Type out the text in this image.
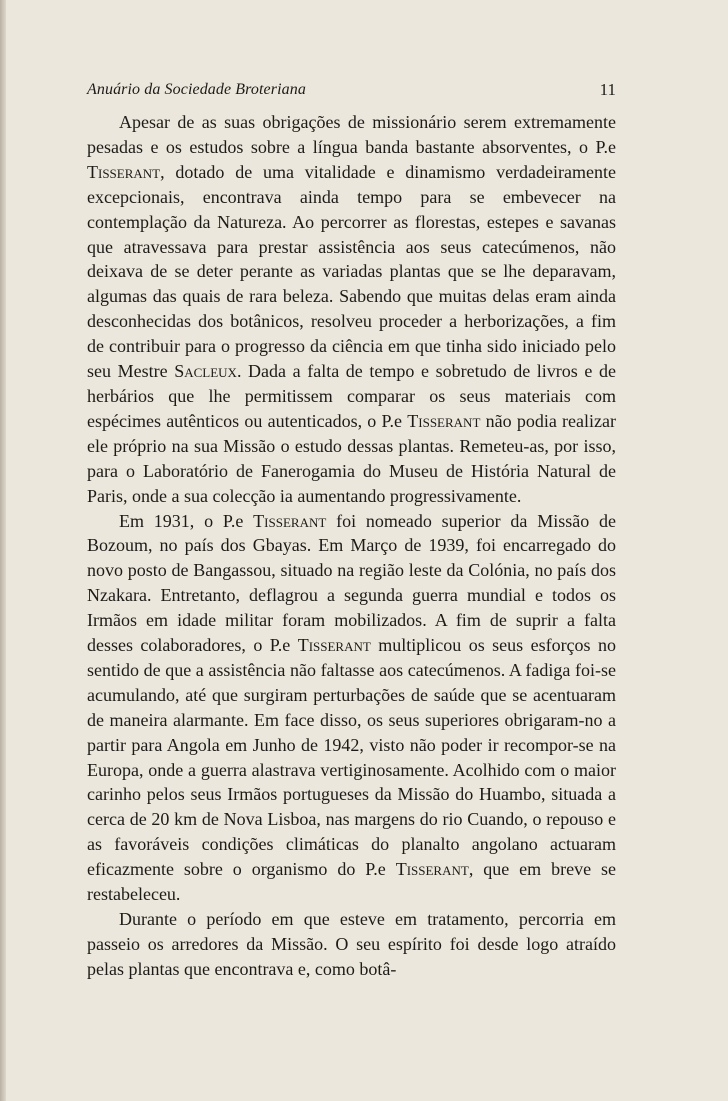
Anuário da Sociedade Broteriana	11

Apesar de as suas obrigações de missionário serem extremamente pesadas e os estudos sobre a língua banda bastante absorventes, o P.e Tisserant, dotado de uma vitalidade e dinamismo verdadeiramente excepcionais, encontrava ainda tempo para se embevecer na contemplação da Natureza. Ao percorrer as florestas, estepes e savanas que atravessava para prestar assistência aos seus catecúmenos, não deixava de se deter perante as variadas plantas que se lhe deparavam, algumas das quais de rara beleza. Sabendo que muitas delas eram ainda desconhecidas dos botânicos, resolveu proceder a herborizações, a fim de contribuir para o progresso da ciência em que tinha sido iniciado pelo seu Mestre Sacleux. Dada a falta de tempo e sobretudo de livros e de herbários que lhe permitissem comparar os seus materiais com espécimes autênticos ou autenticados, o P.e Tisserant não podia realizar ele próprio na sua Missão o estudo dessas plantas. Remeteu-as, por isso, para o Laboratório de Fanerogamia do Museu de História Natural de Paris, onde a sua colecção ia aumentando progressivamente.

Em 1931, o P.e Tisserant foi nomeado superior da Missão de Bozoum, no país dos Gbayas. Em Março de 1939, foi encarregado do novo posto de Bangassou, situado na região leste da Colónia, no país dos Nzakara. Entretanto, deflagrou a segunda guerra mundial e todos os Irmãos em idade militar foram mobilizados. A fim de suprir a falta desses colaboradores, o P.e Tisserant multiplicou os seus esforços no sentido de que a assistência não faltasse aos catecúmenos. A fadiga foi-se acumulando, até que surgiram perturbações de saúde que se acentuaram de maneira alarmante. Em face disso, os seus superiores obrigaram-no a partir para Angola em Junho de 1942, visto não poder ir recompor-se na Europa, onde a guerra alastrava vertiginosamente. Acolhido com o maior carinho pelos seus Irmãos portugueses da Missão do Huambo, situada a cerca de 20 km de Nova Lisboa, nas margens do rio Cuando, o repouso e as favoráveis condições climáticas do planalto angolano actuaram eficazmente sobre o organismo do P.e Tisserant, que em breve se restabeleceu.

Durante o período em que esteve em tratamento, percorria em passeio os arredores da Missão. O seu espírito foi desde logo atraído pelas plantas que encontrava e, como botâ-
